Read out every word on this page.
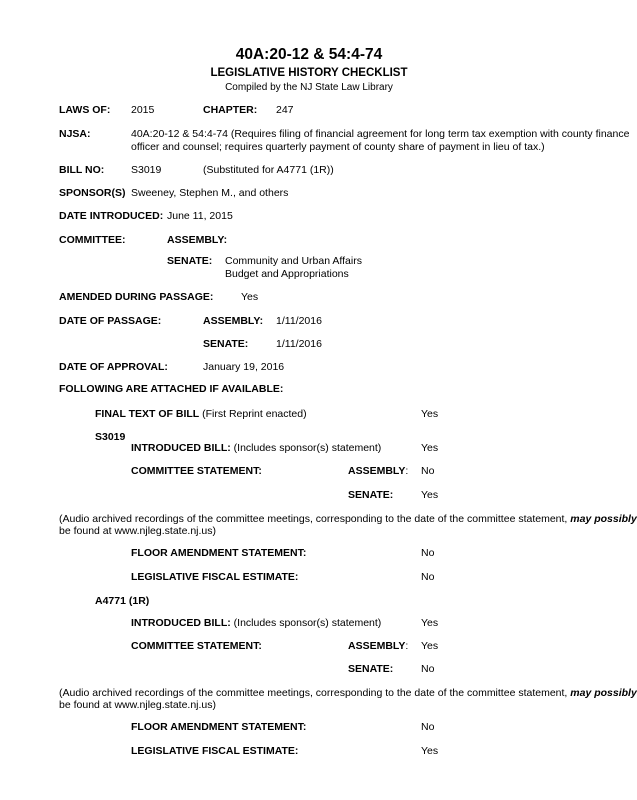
40A:20-12 & 54:4-74
LEGISLATIVE HISTORY CHECKLIST
Compiled by the NJ State Law Library
LAWS OF: 2015	CHAPTER: 247
NJSA:	40A:20-12 & 54:4-74 (Requires filing of financial agreement for long term tax exemption with county finance
officer and counsel; requires quarterly payment of county share of payment in lieu of tax.)
BILL NO:	S3019	(Substituted for A4771 (1R))
SPONSOR(S) Sweeney, Stephen M., and others
DATE INTRODUCED: June 11, 2015
COMMITTEE:	ASSEMBLY:
SENATE: Community and Urban Affairs
Budget and Appropriations
AMENDED DURING PASSAGE:	Yes
DATE OF PASSAGE:	ASSEMBLY: 1/11/2016
SENATE:	1/11/2016
DATE OF APPROVAL:	January 19, 2016
FOLLOWING ARE ATTACHED IF AVAILABLE:
FINAL TEXT OF BILL (First Reprint enacted)	Yes
S3019
INTRODUCED BILL: (Includes sponsor(s) statement)	Yes
COMMITTEE STATEMENT:	ASSEMBLY: No
SENATE:	Yes
(Audio archived recordings of the committee meetings, corresponding to the date of the committee statement, may possibly
be found at www.njleg.state.nj.us)
FLOOR AMENDMENT STATEMENT:	No
LEGISLATIVE FISCAL ESTIMATE:	No
A4771 (1R)
INTRODUCED BILL: (Includes sponsor(s) statement)	Yes
COMMITTEE STATEMENT:	ASSEMBLY: Yes
SENATE:	No
(Audio archived recordings of the committee meetings, corresponding to the date of the committee statement, may possibly
be found at www.njleg.state.nj.us)
FLOOR AMENDMENT STATEMENT:	No
LEGISLATIVE FISCAL ESTIMATE:	Yes
